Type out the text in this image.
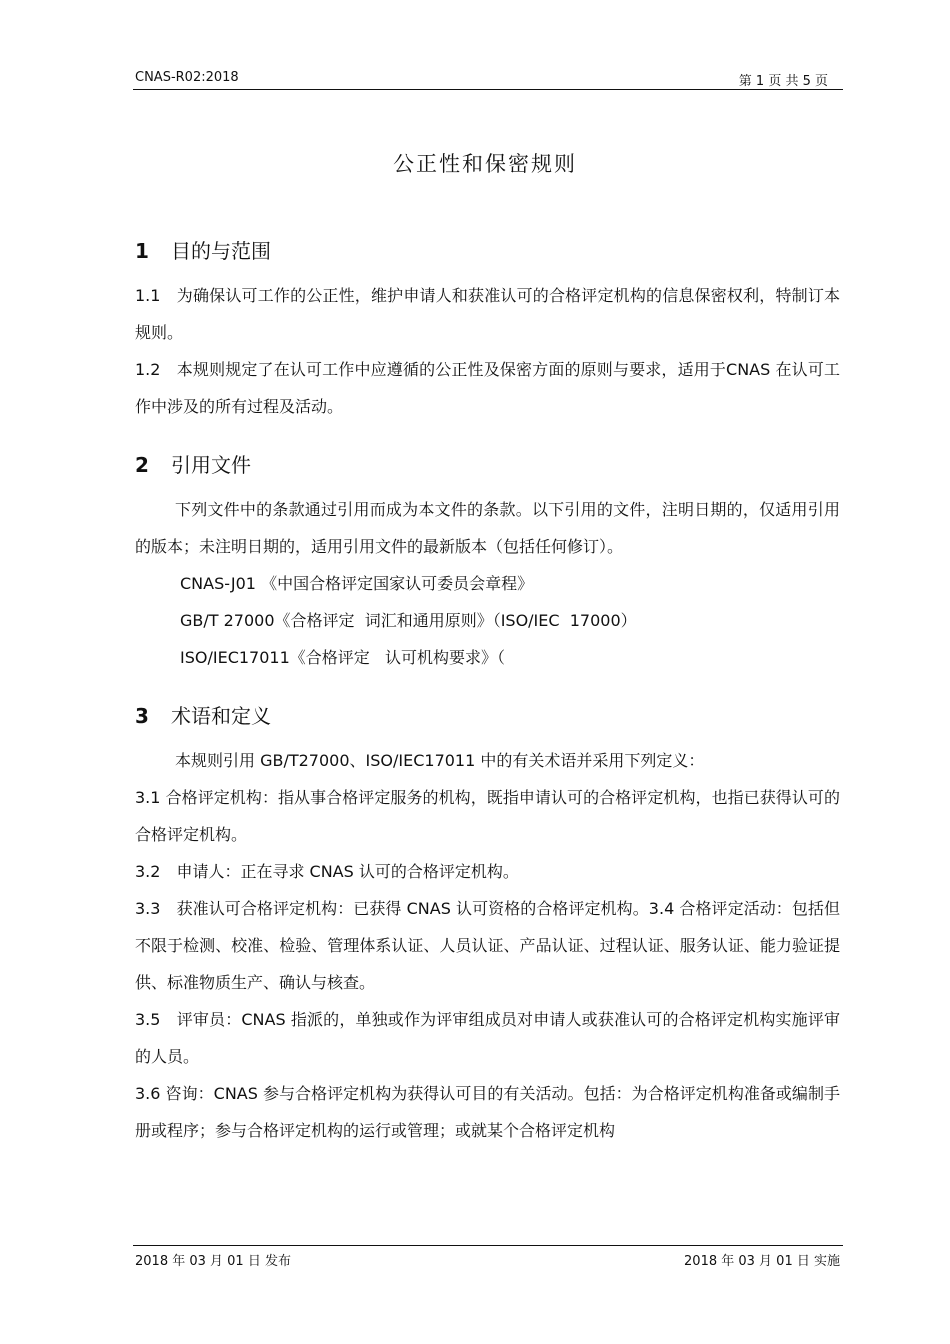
CNAS-R02:2018	第 1 页 共 5 页
公正性和保密规则
1 目的与范围

1.1　为确保认可工作的公正性，维护申请人和获准认可的合格评定机构的信息保密权利，特制订本规则。

1.2　本规则规定了在认可工作中应遵循的公正性及保密方面的原则与要求，适用于CNAS 在认可工作中涉及的所有过程及活动。

2 引用文件

下列文件中的条款通过引用而成为本文件的条款。以下引用的文件，注明日期的，仅适用引用的版本；未注明日期的，适用引用文件的最新版本（包括任何修订）。

CNAS-J01 《中国合格评定国家认可委员会章程》
GB/T 27000《合格评定  词汇和通用原则》（ISO/IEC  17000）
ISO/IEC17011《合格评定   认可机构要求》（
3 术语和定义

本规则引用 GB/T27000、ISO/IEC17011 中的有关术语并采用下列定义：

3.1 合格评定机构：指从事合格评定服务的机构，既指申请认可的合格评定机构，也指已获得认可的合格评定机构。

3.2　申请人：正在寻求 CNAS 认可的合格评定机构。

3.3　获准认可合格评定机构：已获得 CNAS 认可资格的合格评定机构。3.4 合格评定活动：包括但不限于检测、校准、检验、管理体系认证、人员认证、产品认证、过程认证、服务认证、能力验证提供、标准物质生产、确认与核查。

3.5　评审员：CNAS 指派的，单独或作为评审组成员对申请人或获准认可的合格评定机构实施评审的人员。

3.6 咨询：CNAS 参与合格评定机构为获得认可目的有关活动。包括：为合格评定机构准备或编制手册或程序；参与合格评定机构的运行或管理；或就某个合格评定机构

2018 年 03 月 01 日 发布	2018 年 03 月 01 日 实施
